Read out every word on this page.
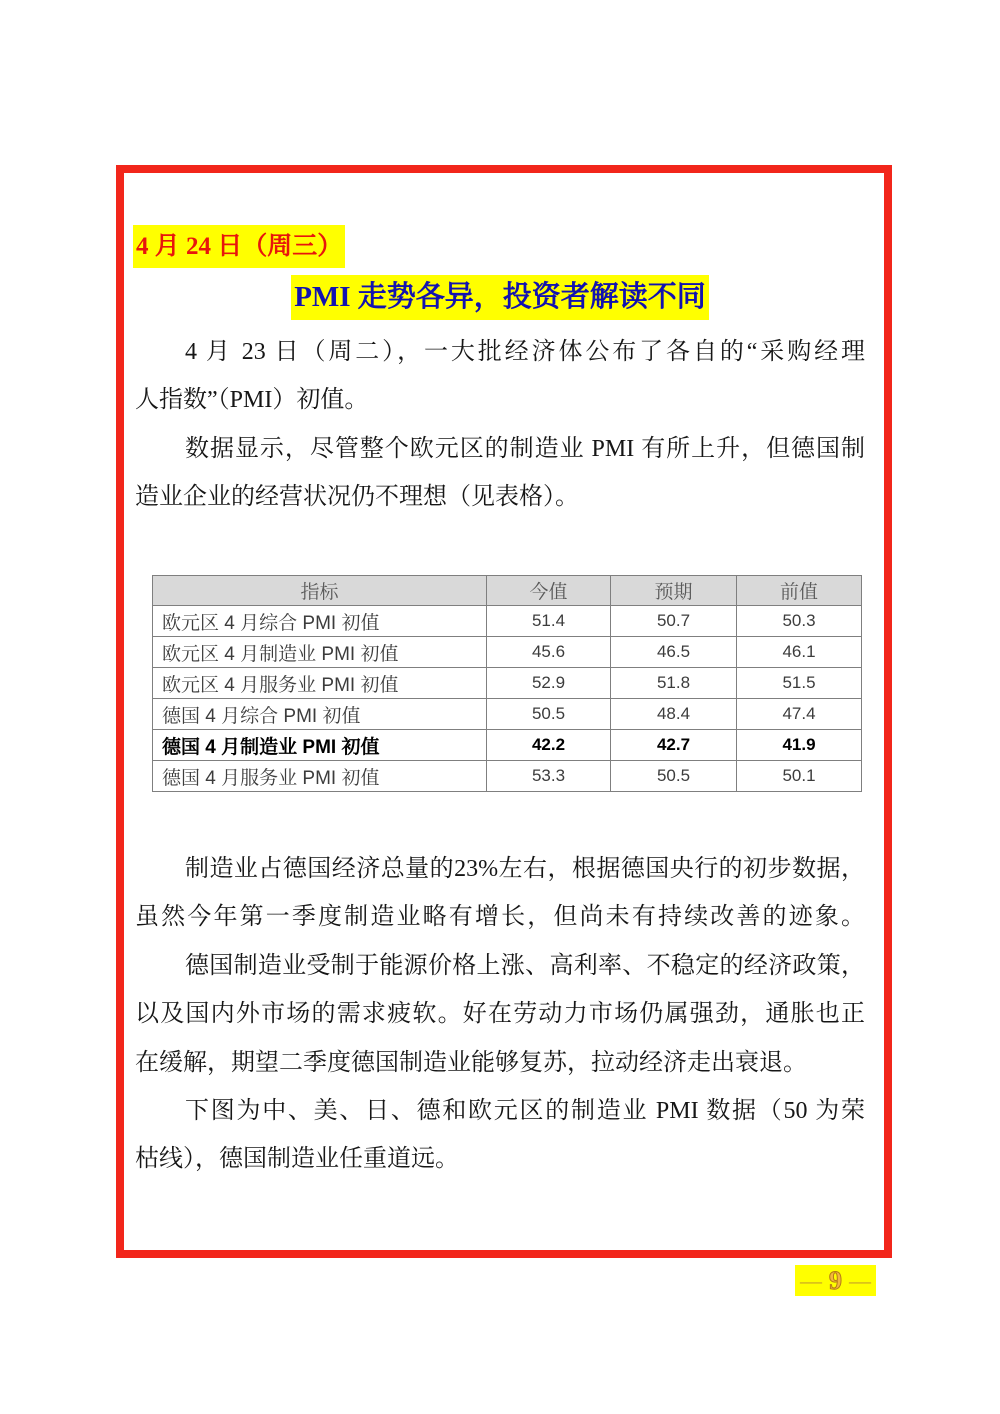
4 月 24 日（周三）
PMI 走势各异，投资者解读不同
4 月 23 日（周二），一大批经济体公布了各自的“采购经理
人指数”（PMI）初值。
数据显示，尽管整个欧元区的制造业 PMI 有所上升，但德国制
造业企业的经营状况仍不理想（见表格）。
指标	今值	预期	前值
欧元区 4 月综合 PMI 初值	51.4	50.7	50.3
欧元区 4 月制造业 PMI 初值	45.6	46.5	46.1
欧元区 4 月服务业 PMI 初值	52.9	51.8	51.5
德国 4 月综合 PMI 初值	50.5	48.4	47.4
德国 4 月制造业 PMI 初值	42.2	42.7	41.9
德国 4 月服务业 PMI 初值	53.3	50.5	50.1
制造业占德国经济总量的23%左右，根据德国央行的初步数据，
虽然今年第一季度制造业略有增长，但尚未有持续改善的迹象。
德国制造业受制于能源价格上涨、高利率、不稳定的经济政策，
以及国内外市场的需求疲软。好在劳动力市场仍属强劲，通胀也正
在缓解，期望二季度德国制造业能够复苏，拉动经济走出衰退。
下图为中、美、日、德和欧元区的制造业 PMI 数据（50 为荣
枯线），德国制造业任重道远。
— 9 —
